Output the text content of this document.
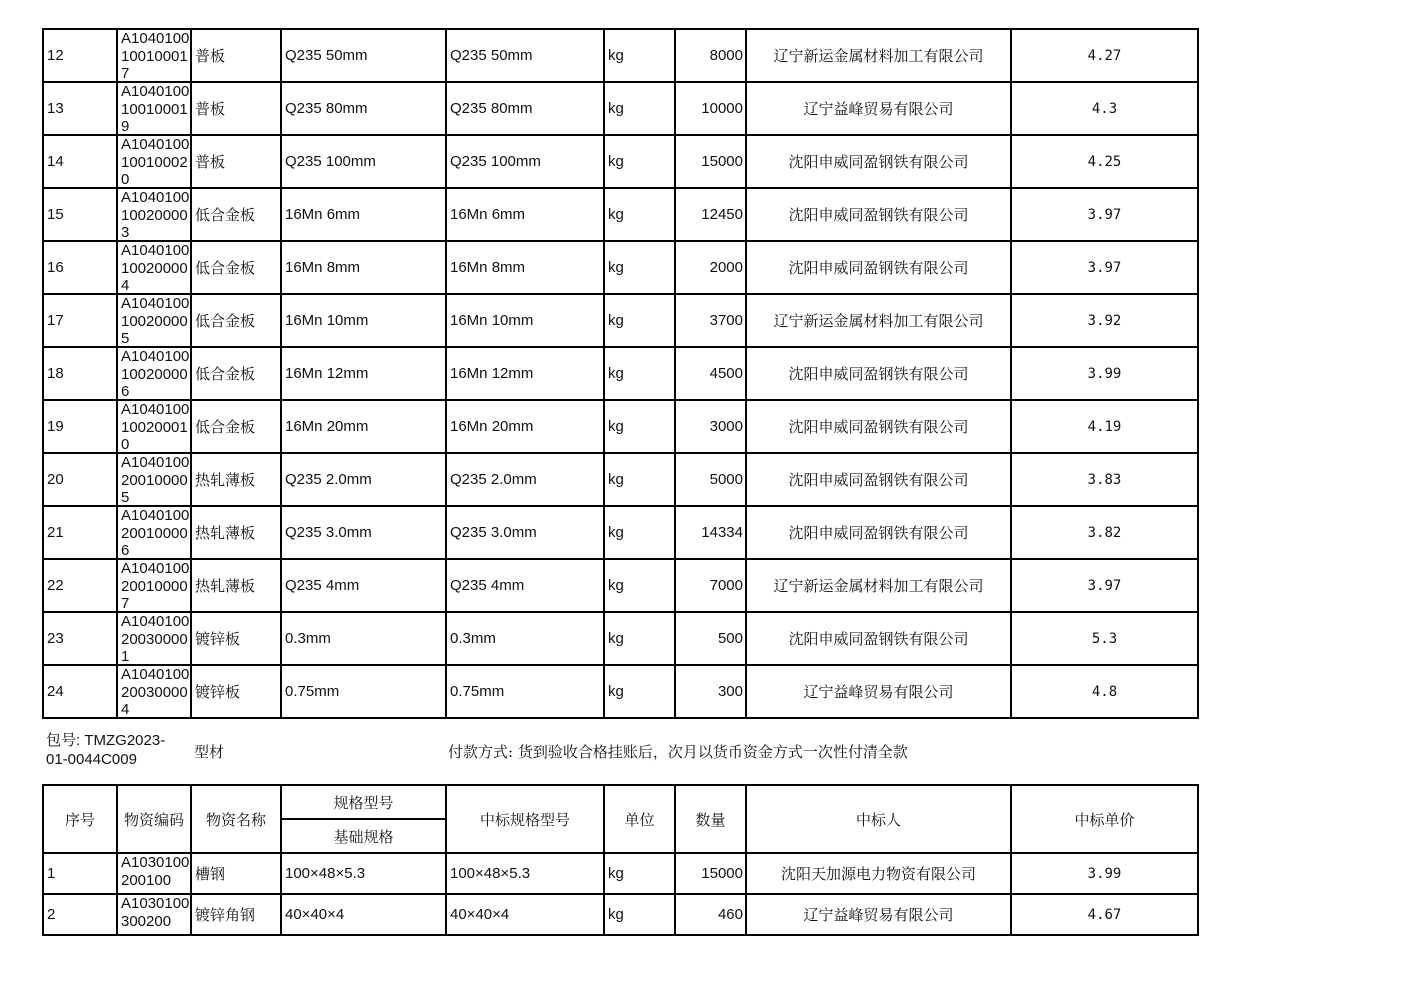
12	A1040100100100017	普板	Q235 50mm	Q235 50mm	kg	8000	辽宁新运金属材料加工有限公司	4.27
13	A1040100100100019	普板	Q235 80mm	Q235 80mm	kg	10000	辽宁益峰贸易有限公司	4.3
14	A1040100100100020	普板	Q235 100mm	Q235 100mm	kg	15000	沈阳申威同盈钢铁有限公司	4.25
15	A1040100100200003	低合金板	16Mn 6mm	16Mn 6mm	kg	12450	沈阳申威同盈钢铁有限公司	3.97
16	A1040100100200004	低合金板	16Mn 8mm	16Mn 8mm	kg	2000	沈阳申威同盈钢铁有限公司	3.97
17	A1040100100200005	低合金板	16Mn 10mm	16Mn 10mm	kg	3700	辽宁新运金属材料加工有限公司	3.92
18	A1040100100200006	低合金板	16Mn 12mm	16Mn 12mm	kg	4500	沈阳申威同盈钢铁有限公司	3.99
19	A1040100100200010	低合金板	16Mn 20mm	16Mn 20mm	kg	3000	沈阳申威同盈钢铁有限公司	4.19
20	A1040100200100005	热轧薄板	Q235 2.0mm	Q235 2.0mm	kg	5000	沈阳申威同盈钢铁有限公司	3.83
21	A1040100200100006	热轧薄板	Q235 3.0mm	Q235 3.0mm	kg	14334	沈阳申威同盈钢铁有限公司	3.82
22	A1040100200100007	热轧薄板	Q235 4mm	Q235 4mm	kg	7000	辽宁新运金属材料加工有限公司	3.97
23	A1040100200300001	镀锌板	0.3mm	0.3mm	kg	500	沈阳申威同盈钢铁有限公司	5.3
24	A1040100200300004	镀锌板	0.75mm	0.75mm	kg	300	辽宁益峰贸易有限公司	4.8
包号: TMZG2023-01-0044C009	型材	付款方式: 货到验收合格挂账后，次月以货币资金方式一次性付清全款
序号	物资编码	物资名称	规格型号	中标规格型号	单位	数量	中标人	中标单价
			基础规格					
1	A1030100200100	槽钢	100×48×5.3	100×48×5.3	kg	15000	沈阳天加源电力物资有限公司	3.99
2	A1030100300200	镀锌角钢	40×40×4	40×40×4	kg	460	辽宁益峰贸易有限公司	4.67
